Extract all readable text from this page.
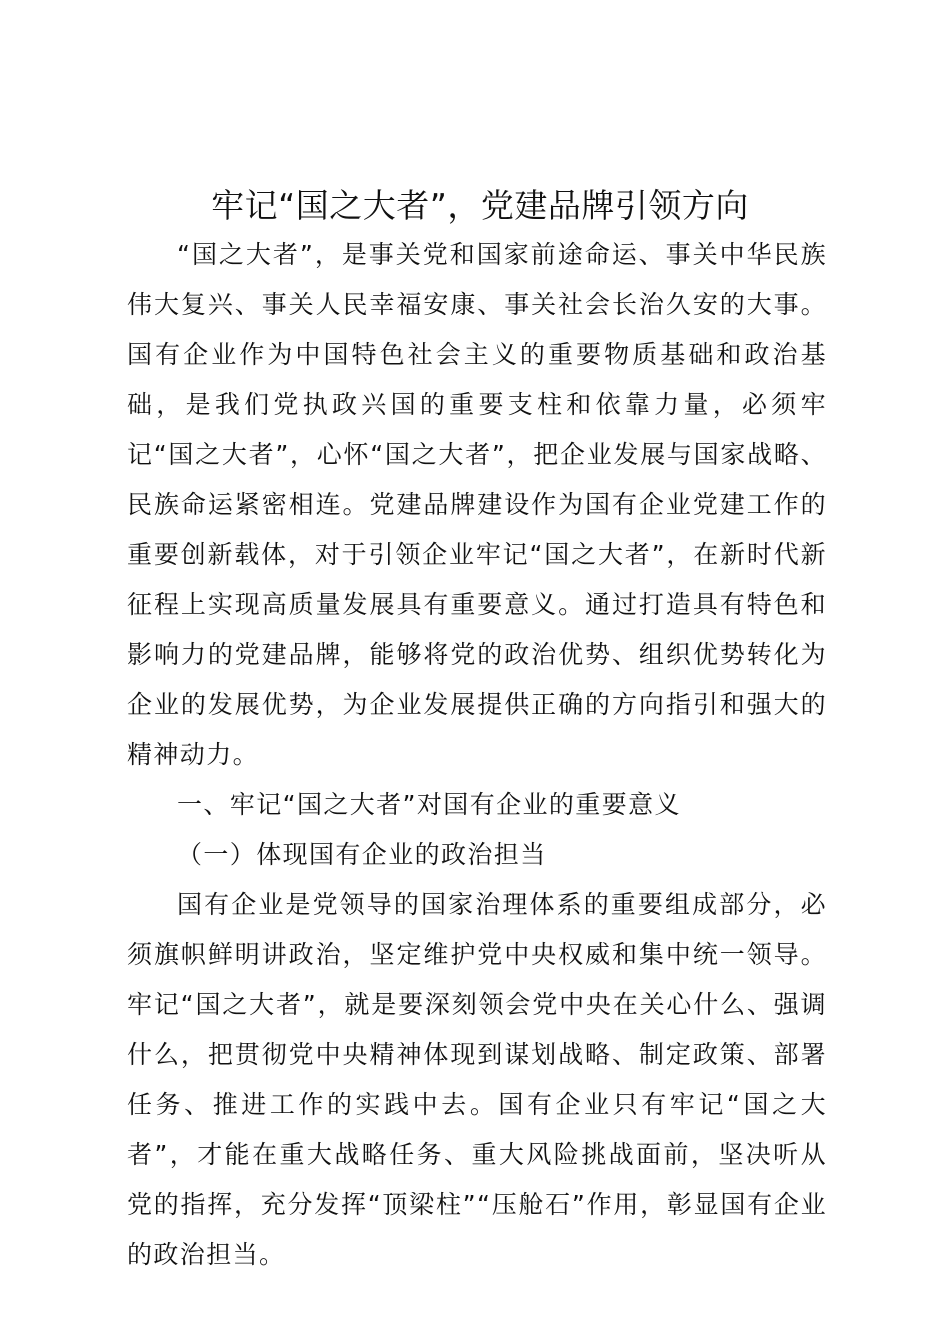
牢记“国之大者”，党建品牌引领方向

“国之大者”，是事关党和国家前途命运、事关中华民族伟大复兴、事关人民幸福安康、事关社会长治久安的大事。国有企业作为中国特色社会主义的重要物质基础和政治基础，是我们党执政兴国的重要支柱和依靠力量，必须牢记“国之大者”，心怀“国之大者”，把企业发展与国家战略、民族命运紧密相连。党建品牌建设作为国有企业党建工作的重要创新载体，对于引领企业牢记“国之大者”，在新时代新征程上实现高质量发展具有重要意义。通过打造具有特色和影响力的党建品牌，能够将党的政治优势、组织优势转化为企业的发展优势，为企业发展提供正确的方向指引和强大的精神动力。

一、牢记“国之大者”对国有企业的重要意义

（一）体现国有企业的政治担当

国有企业是党领导的国家治理体系的重要组成部分，必须旗帜鲜明讲政治，坚定维护党中央权威和集中统一领导。牢记“国之大者”，就是要深刻领会党中央在关心什么、强调什么，把贯彻党中央精神体现到谋划战略、制定政策、部署任务、推进工作的实践中去。国有企业只有牢记“国之大者”，才能在重大战略任务、重大风险挑战面前，坚决听从党的指挥，充分发挥“顶梁柱”“压舱石”作用，彰显国有企业的政治担当。
